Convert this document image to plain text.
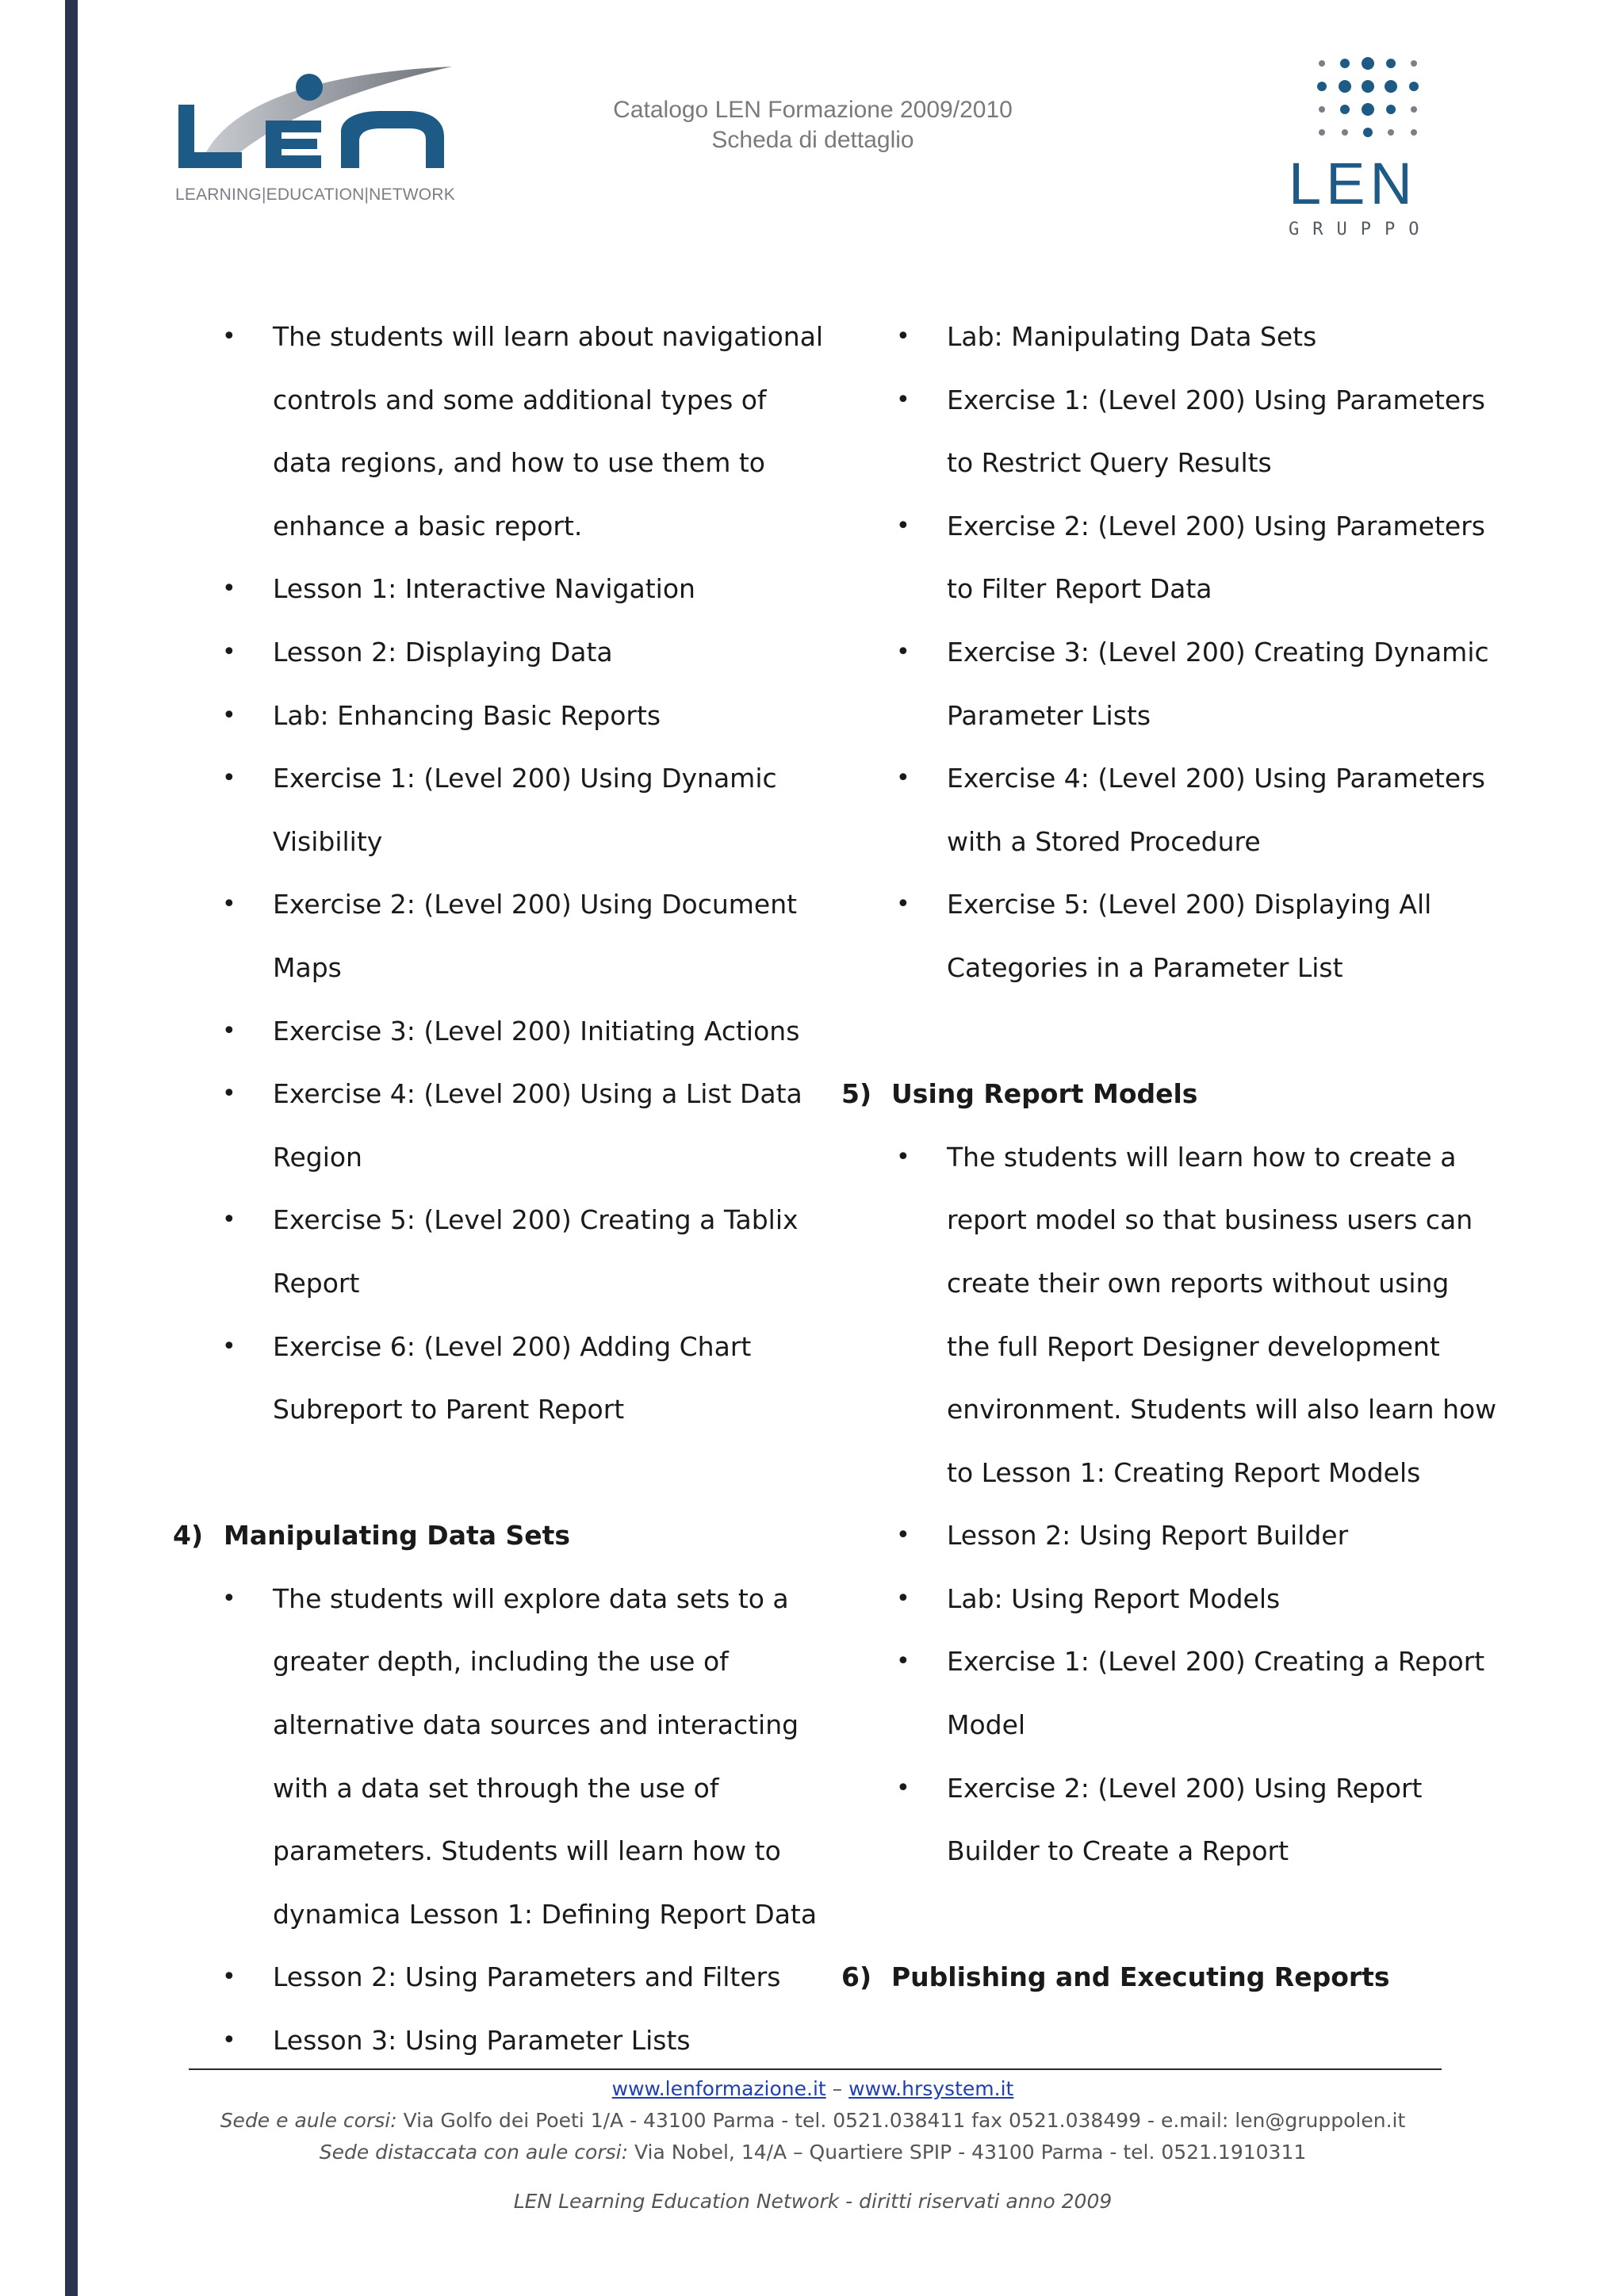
LEARNING|EDUCATION|NETWORK
Catalogo LEN Formazione 2009/2010
Scheda di dettaglio
LEN
GRUPPO
• The students will learn about navigational
controls and some additional types of
data regions, and how to use them to
enhance a basic report.
• Lesson 1: Interactive Navigation
• Lesson 2: Displaying Data
• Lab: Enhancing Basic Reports
• Exercise 1: (Level 200) Using Dynamic
Visibility
• Exercise 2: (Level 200) Using Document
Maps
• Exercise 3: (Level 200) Initiating Actions
• Exercise 4: (Level 200) Using a List Data
Region
• Exercise 5: (Level 200) Creating a Tablix
Report
• Exercise 6: (Level 200) Adding Chart
Subreport to Parent Report
4) Manipulating Data Sets
• The students will explore data sets to a
greater depth, including the use of
alternative data sources and interacting
with a data set through the use of
parameters. Students will learn how to
dynamica Lesson 1: Defining Report Data
• Lesson 2: Using Parameters and Filters
• Lesson 3: Using Parameter Lists
• Lab: Manipulating Data Sets
• Exercise 1: (Level 200) Using Parameters
to Restrict Query Results
• Exercise 2: (Level 200) Using Parameters
to Filter Report Data
• Exercise 3: (Level 200) Creating Dynamic
Parameter Lists
• Exercise 4: (Level 200) Using Parameters
with a Stored Procedure
• Exercise 5: (Level 200) Displaying All
Categories in a Parameter List
5) Using Report Models
• The students will learn how to create a
report model so that business users can
create their own reports without using
the full Report Designer development
environment. Students will also learn how
to Lesson 1: Creating Report Models
• Lesson 2: Using Report Builder
• Lab: Using Report Models
• Exercise 1: (Level 200) Creating a Report
Model
• Exercise 2: (Level 200) Using Report
Builder to Create a Report
6) Publishing and Executing Reports
www.lenformazione.it – www.hrsystem.it
Sede e aule corsi: Via Golfo dei Poeti 1/A - 43100 Parma - tel. 0521.038411 fax 0521.038499 - e.mail: len@gruppolen.it
Sede distaccata con aule corsi: Via Nobel, 14/A – Quartiere SPIP - 43100 Parma - tel. 0521.1910311
LEN Learning Education Network - diritti riservati anno 2009
